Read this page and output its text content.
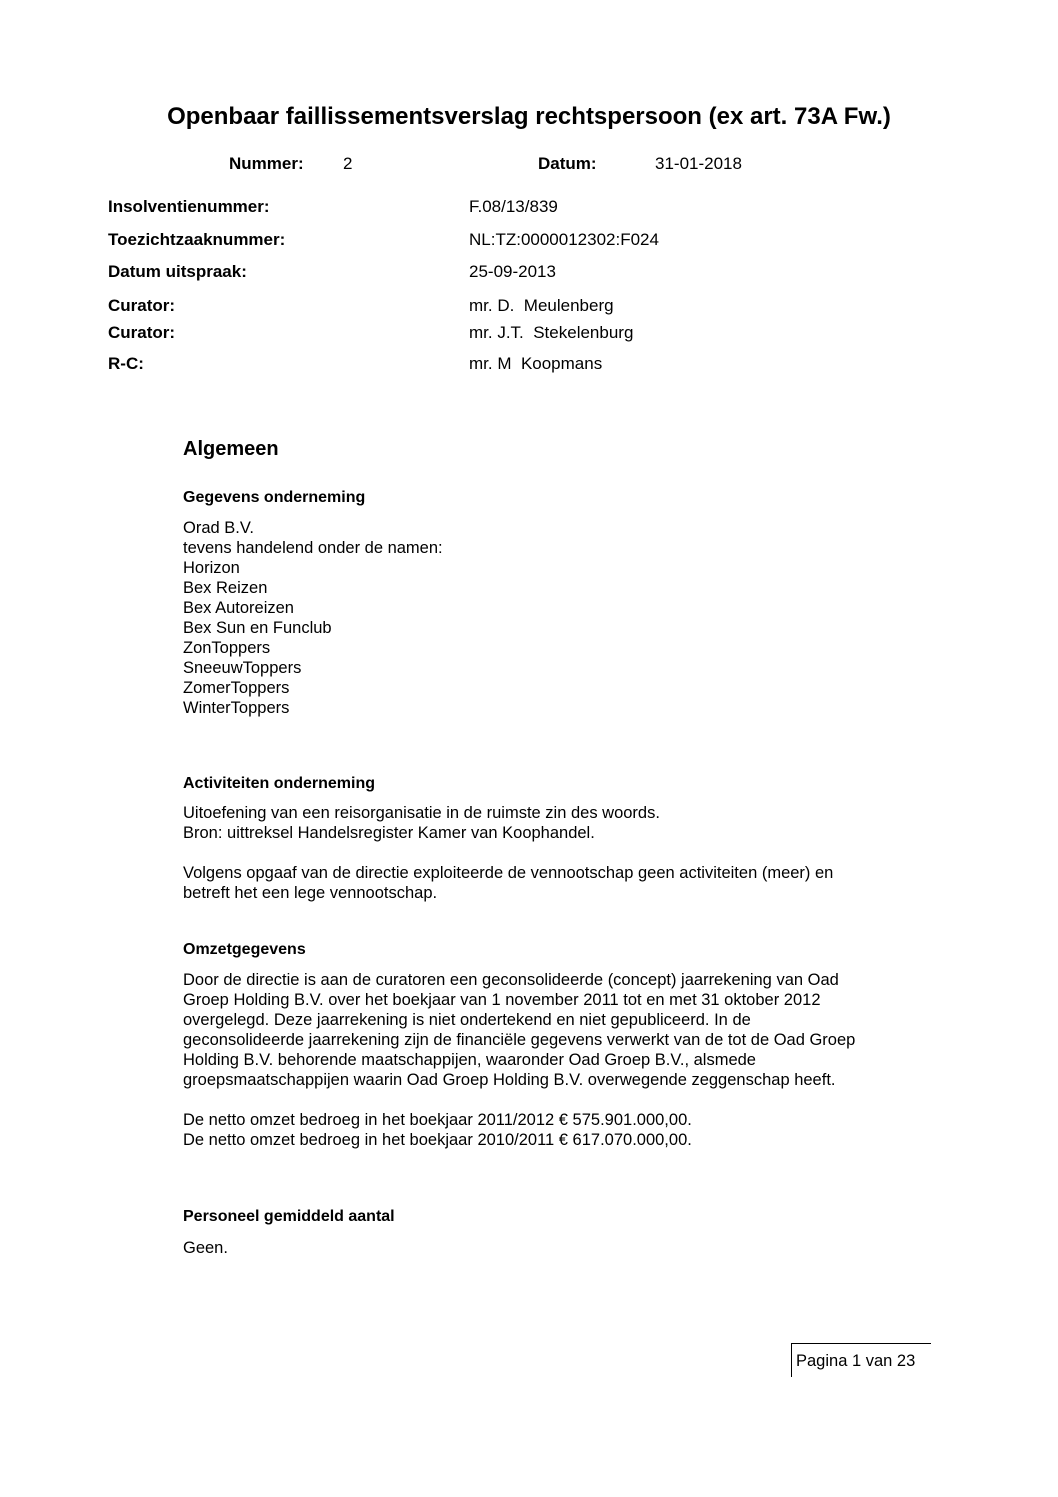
Openbaar faillissementsverslag rechtspersoon (ex art. 73A Fw.)
Nummer: 2	Datum:	31-01-2018
Insolventienummer:	F.08/13/839
Toezichtzaaknummer:	NL:TZ:0000012302:F024
Datum uitspraak:	25-09-2013
Curator:	mr. D.  Meulenberg
Curator:	mr. J.T.  Stekelenburg
R-C:	mr. M  Koopmans
Algemeen
Gegevens onderneming
Orad B.V.
tevens handelend onder de namen:
Horizon
Bex Reizen
Bex Autoreizen
Bex Sun en Funclub
ZonToppers
SneeuwToppers
ZomerToppers
WinterToppers
Activiteiten onderneming
Uitoefening van een reisorganisatie in de ruimste zin des woords.
Bron: uittreksel Handelsregister Kamer van Koophandel.
Volgens opgaaf van de directie exploiteerde de vennootschap geen activiteiten (meer) en
betreft het een lege vennootschap.
Omzetgegevens
Door de directie is aan de curatoren een geconsolideerde (concept) jaarrekening van Oad
Groep Holding B.V. over het boekjaar van 1 november 2011 tot en met 31 oktober 2012
overgelegd. Deze jaarrekening is niet ondertekend en niet gepubliceerd. In de
geconsolideerde jaarrekening zijn de financiële gegevens verwerkt van de tot de Oad Groep
Holding B.V. behorende maatschappijen, waaronder Oad Groep B.V., alsmede
groepsmaatschappijen waarin Oad Groep Holding B.V. overwegende zeggenschap heeft.
De netto omzet bedroeg in het boekjaar 2011/2012 € 575.901.000,00.
De netto omzet bedroeg in het boekjaar 2010/2011 € 617.070.000,00.
Personeel gemiddeld aantal
Geen.
Pagina 1 van 23
